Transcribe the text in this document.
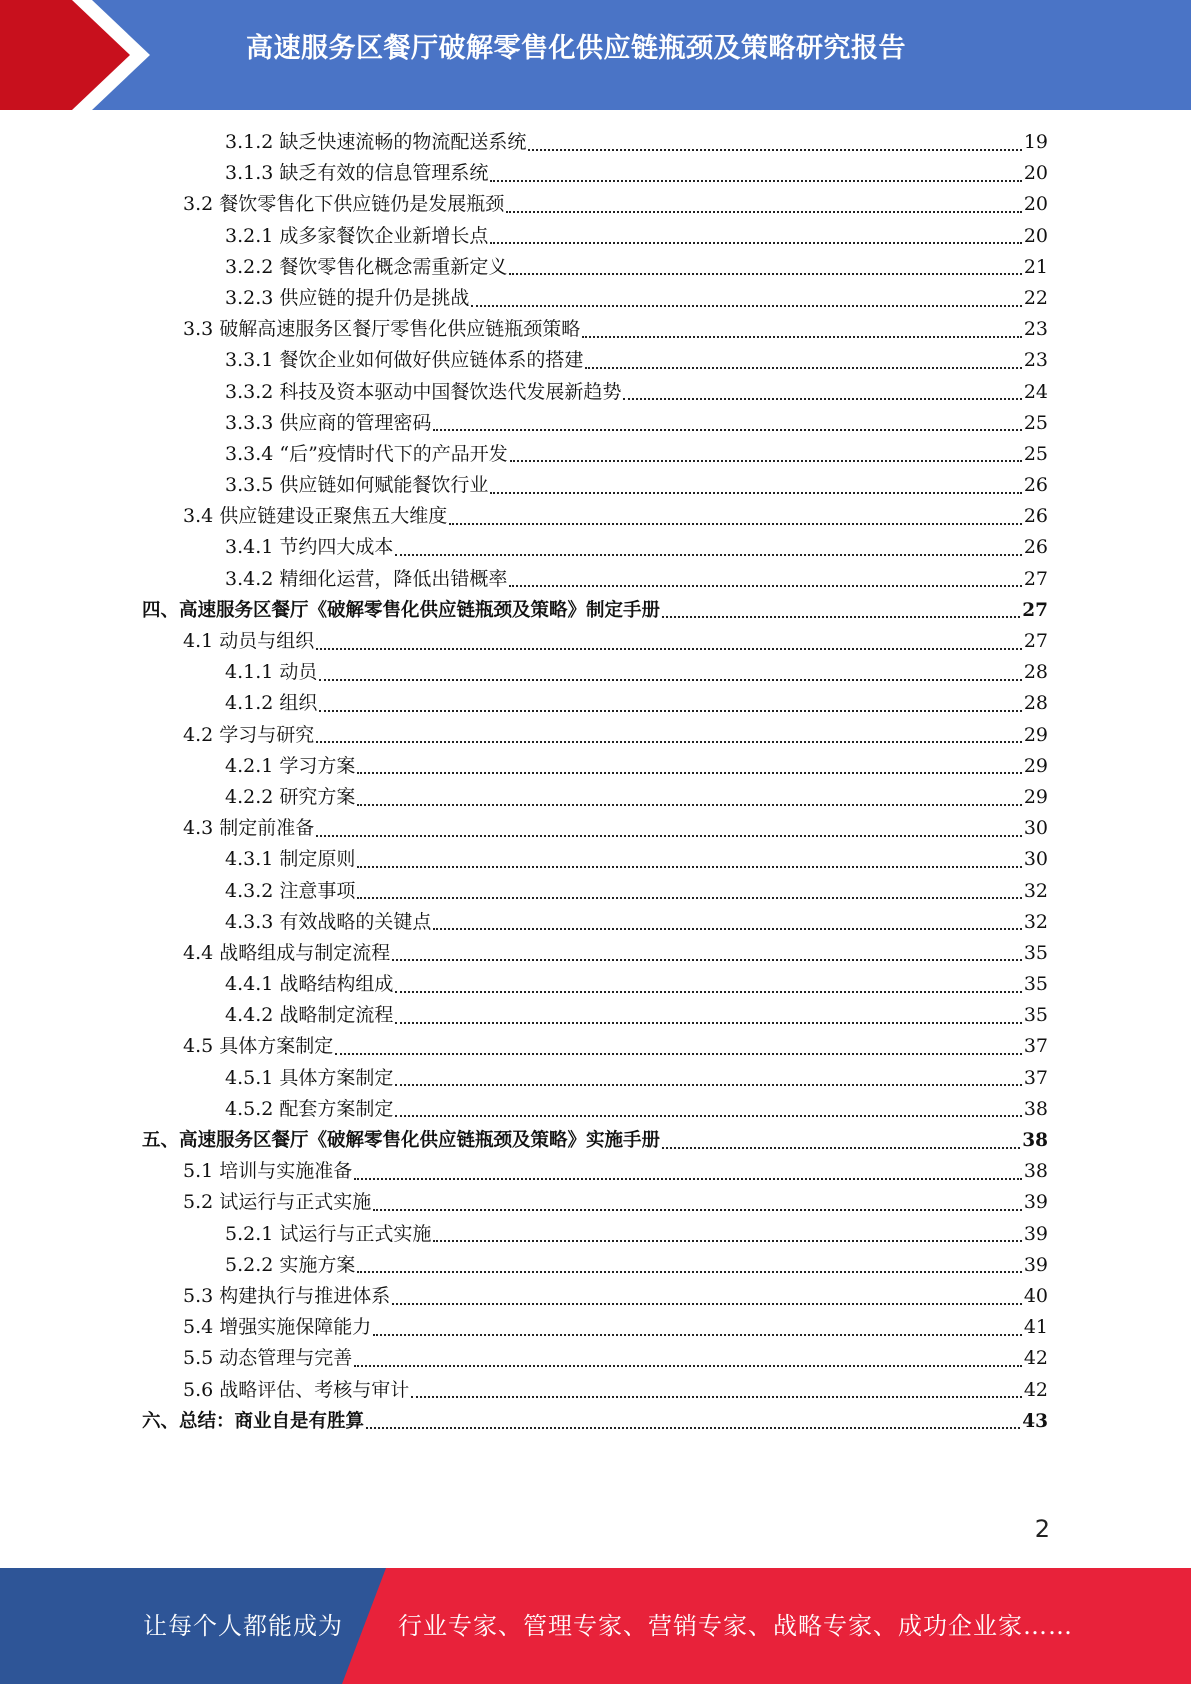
高速服务区餐厅破解零售化供应链瓶颈及策略研究报告
3.1.2 缺乏快速流畅的物流配送系统	19
3.1.3 缺乏有效的信息管理系统	20
3.2 餐饮零售化下供应链仍是发展瓶颈	20
3.2.1 成多家餐饮企业新增长点	20
3.2.2 餐饮零售化概念需重新定义	21
3.2.3 供应链的提升仍是挑战	22
3.3 破解高速服务区餐厅零售化供应链瓶颈策略	23
3.3.1 餐饮企业如何做好供应链体系的搭建	23
3.3.2 科技及资本驱动中国餐饮迭代发展新趋势	24
3.3.3 供应商的管理密码	25
3.3.4 “后”疫情时代下的产品开发	25
3.3.5 供应链如何赋能餐饮行业	26
3.4 供应链建设正聚焦五大维度	26
3.4.1 节约四大成本	26
3.4.2 精细化运营，降低出错概率	27
四、高速服务区餐厅《破解零售化供应链瓶颈及策略》制定手册	27
4.1 动员与组织	27
4.1.1 动员	28
4.1.2 组织	28
4.2 学习与研究	29
4.2.1 学习方案	29
4.2.2 研究方案	29
4.3 制定前准备	30
4.3.1 制定原则	30
4.3.2 注意事项	32
4.3.3 有效战略的关键点	32
4.4 战略组成与制定流程	35
4.4.1 战略结构组成	35
4.4.2 战略制定流程	35
4.5 具体方案制定	37
4.5.1 具体方案制定	37
4.5.2 配套方案制定	38
五、高速服务区餐厅《破解零售化供应链瓶颈及策略》实施手册	38
5.1 培训与实施准备	38
5.2 试运行与正式实施	39
5.2.1 试运行与正式实施	39
5.2.2 实施方案	39
5.3 构建执行与推进体系	40
5.4 增强实施保障能力	41
5.5 动态管理与完善	42
5.6 战略评估、考核与审计	42
六、总结：商业自是有胜算	43
2
让每个人都能成为 行业专家、管理专家、营销专家、战略专家、成功企业家……
